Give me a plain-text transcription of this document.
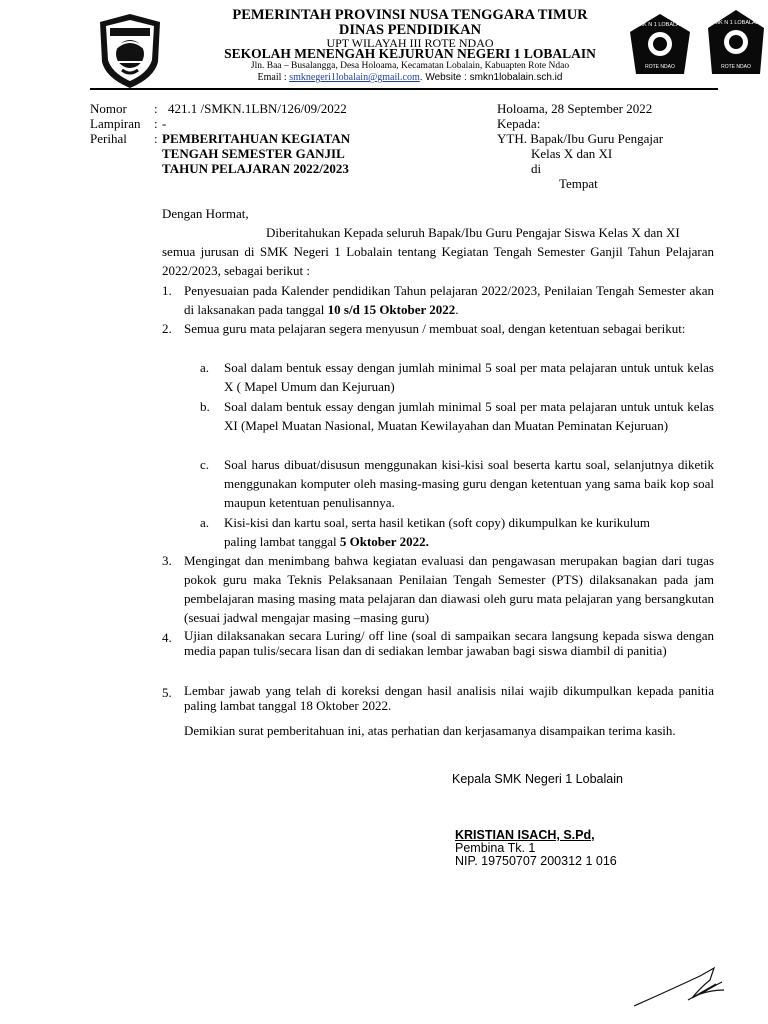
SMK N 1 LOBALAIN
ROTE NDAO
SMK N 1 LOBALAIN
ROTE NDAO
PEMERINTAH PROVINSI NUSA TENGGARA TIMUR
DINAS PENDIDIKAN
UPT WILAYAH III ROTE NDAO
SEKOLAH MENENGAH KEJURUAN NEGERI 1 LOBALAIN
Jln. Baa – Busalangga, Desa Holoama, Kecamatan Lobalain, Kabuapten Rote Ndao
Email : smknegeri1lobalain@gmail.com. Website : smkn1lobalain.sch.id
Nomor : 421.1 /SMKN.1LBN/126/09/2022
Lampiran : -
Perihal : PEMBERITAHUAN KEGIATAN
TENGAH SEMESTER GANJIL
TAHUN PELAJARAN 2022/2023
Holoama, 28 September 2022
Kepada:
YTH. Bapak/Ibu Guru Pengajar
Kelas X dan XI
di
Tempat
Dengan Hormat,
Diberitahukan Kepada seluruh Bapak/Ibu Guru Pengajar Siswa Kelas X dan XI
semua jurusan di SMK Negeri 1 Lobalain tentang Kegiatan Tengah Semester Ganjil Tahun Pelajaran 2022/2023, sebagai berikut :
1. Penyesuaian pada Kalender pendidikan Tahun pelajaran 2022/2023, Penilaian Tengah Semester akan di laksanakan pada tanggal 10 s/d 15 Oktober 2022.
2. Semua guru mata pelajaran segera menyusun / membuat soal, dengan ketentuan sebagai berikut:
a. Soal dalam bentuk essay dengan jumlah minimal 5 soal per mata pelajaran untuk untuk kelas X ( Mapel Umum dan Kejuruan)
b. Soal dalam bentuk essay dengan jumlah minimal 5 soal per mata pelajaran untuk untuk kelas XI (Mapel Muatan Nasional, Muatan Kewilayahan dan Muatan Peminatan Kejuruan)
c. Soal harus dibuat/disusun menggunakan kisi-kisi soal beserta kartu soal, selanjutnya diketik menggunakan komputer oleh masing-masing guru dengan ketentuan yang sama baik kop soal maupun ketentuan penulisannya.
a. Kisi-kisi dan kartu soal, serta hasil ketikan (soft copy) dikumpulkan ke kurikulum paling lambat tanggal 5 Oktober 2022.
3. Mengingat dan menimbang bahwa kegiatan evaluasi dan pengawasan merupakan bagian dari tugas pokok guru maka Teknis Pelaksanaan Penilaian Tengah Semester (PTS) dilaksanakan pada jam pembelajaran masing masing mata pelajaran dan diawasi oleh guru mata pelajaran yang bersangkutan (sesuai jadwal mengajar masing –masing guru)
4. Ujian dilaksanakan secara Luring/ off line (soal di sampaikan secara langsung kepada siswa dengan media papan tulis/secara lisan dan di sediakan lembar jawaban bagi siswa diambil di panitia)
5. Lembar jawab yang telah di koreksi dengan hasil analisis nilai wajib dikumpulkan kepada panitia paling lambat tanggal 18 Oktober 2022.
Demikian surat pemberitahuan ini, atas perhatian dan kerjasamanya disampaikan terima kasih.
Kepala SMK Negeri 1 Lobalain
KRISTIAN ISACH, S.Pd,
Pembina Tk. 1
NIP. 19750707 200312 1 016
